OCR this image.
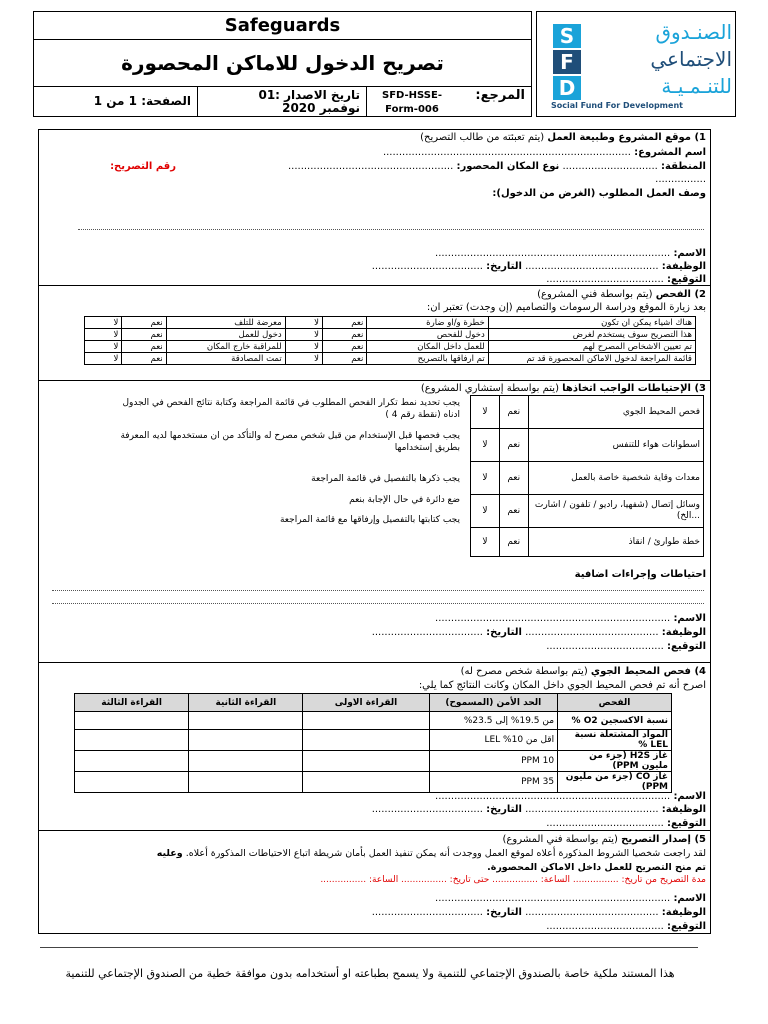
Safeguards
تصريح الدخول للاماكن المحصورة
الصفحة: 1 من 1	تاريخ الاصدار :01
نوفمبر 2020
المرجع:
SFD-HSSE-Form-006
S
F
D
الصنـدوق
الاجتماعي
للتنـمـيـة
Social Fund For Development
1) موقع المشروع وطبيعة العمل (يتم تعبئته من طالب التصريح)
اسم المشروع: ..............................................................................
المنطقة: .............................. نوع المكان المحصور: ....................................................
رقم التصريح:
................
وصف العمل المطلوب (الغرض من الدخول):
الاسم: ..........................................................................
الوظيفة: .......................................... التاريخ: ...................................
التوقيع: .....................................
2) الفحص (يتم بواسطة فني المشروع)
بعد زيارة الموقع ودراسة الرسومات والتصاميم (إن وجدت) تعتبر ان:
هناك اشياء يمكن ان تكون	خطرة و/او ضارة	نعم	لا	معرضة للتلف	نعم	لا
هذا التصريح سوف يستخدم لغرض	دخول للفحص	نعم	لا	دخول للعمل	نعم	لا
تم تعيين الاشخاص المصرح لهم	للعمل داخل المكان	نعم	لا	للمراقبة خارج المكان	نعم	لا
قائمة المراجعة لدخول الاماكن المحصورة قد تم	تم ارفاقها بالتصريح	نعم	لا	تمت المصادقة	نعم	لا
3) الإحتياطات الواجب اتخاذها (يتم بواسطة إستشاري المشروع)
فحص المحيط الجوي	نعم	لا
اسطوانات هواء للتنفس	نعم	لا
معدات وقاية شخصية خاصة بالعمل	نعم	لا
وسائل إتصال (شفهيا، راديو / تلفون / اشارت ...الخ)	نعم	لا
خطة طوارئ / انقاذ	نعم	لا
يجب تحديد نمط تكرار الفحص المطلوب في قائمة المراجعة وكتابة نتائج الفحص في الجدول ادناه (نقطة رقم 4 )
يجب فحصها قبل الإستخدام من قبل شخص مصرح له والتأكد من ان مستخدمها لديه المعرفة بطريق إستخدامها
يجب ذكرها بالتفصيل في قائمة المراجعة
ضع دائرة في حال الإجابة بنعم
يجب كتابتها بالتفصيل وإرفاقها مع قائمة المراجعة
احتياطات وإجراءات اضافية
الاسم: ..........................................................................
الوظيفة: .......................................... التاريخ: ...................................
التوقيع: .....................................
4) فحص المحيط الجوي (يتم بواسطة شخص مصرح له)
اصرح أنه تم فحص المحيط الجوي داخل المكان وكانت النتائج كما يلي:
الفحص	الحد الأمن (المسموح)	القراءة الاولى	القراءة الثانية	القراءة الثالثة
نسبة الاكسجين O2 %	من 19.5% إلى 23.5%			
المواد المشتعلة نسبة LEL %	اقل من 10% LEL			
غاز H2S (جزء من مليون PPM)	10 PPM			
غاز CO (جزء من مليون PPM)	35 PPM			
الاسم: ..........................................................................
الوظيفة: .......................................... التاريخ: ...................................
التوقيع: .....................................
5) إصدار التصريح (يتم بواسطة فني المشروع)
لقد راجعت شخصيا الشروط المذكورة أعلاه لموقع العمل ووجدت أنه يمكن تنفيذ العمل بأمان شريطة اتباع الاحتياطات المذكورة أعلاه. وعليه
تم منح التصريح للعمل داخل الاماكن المحصورة.
مدة التصريح من تاريخ: ................ الساعة: ................ حتى تاريخ: ................ الساعة: ................
الاسم: ..........................................................................
الوظيفة: .......................................... التاريخ: ...................................
التوقيع: .....................................
هذا المستند ملكية خاصة بالصندوق الإجتماعي للتنمية ولا يسمح بطباعته او أستخدامه بدون موافقة خطية من الصندوق الإجتماعي للتنمية
